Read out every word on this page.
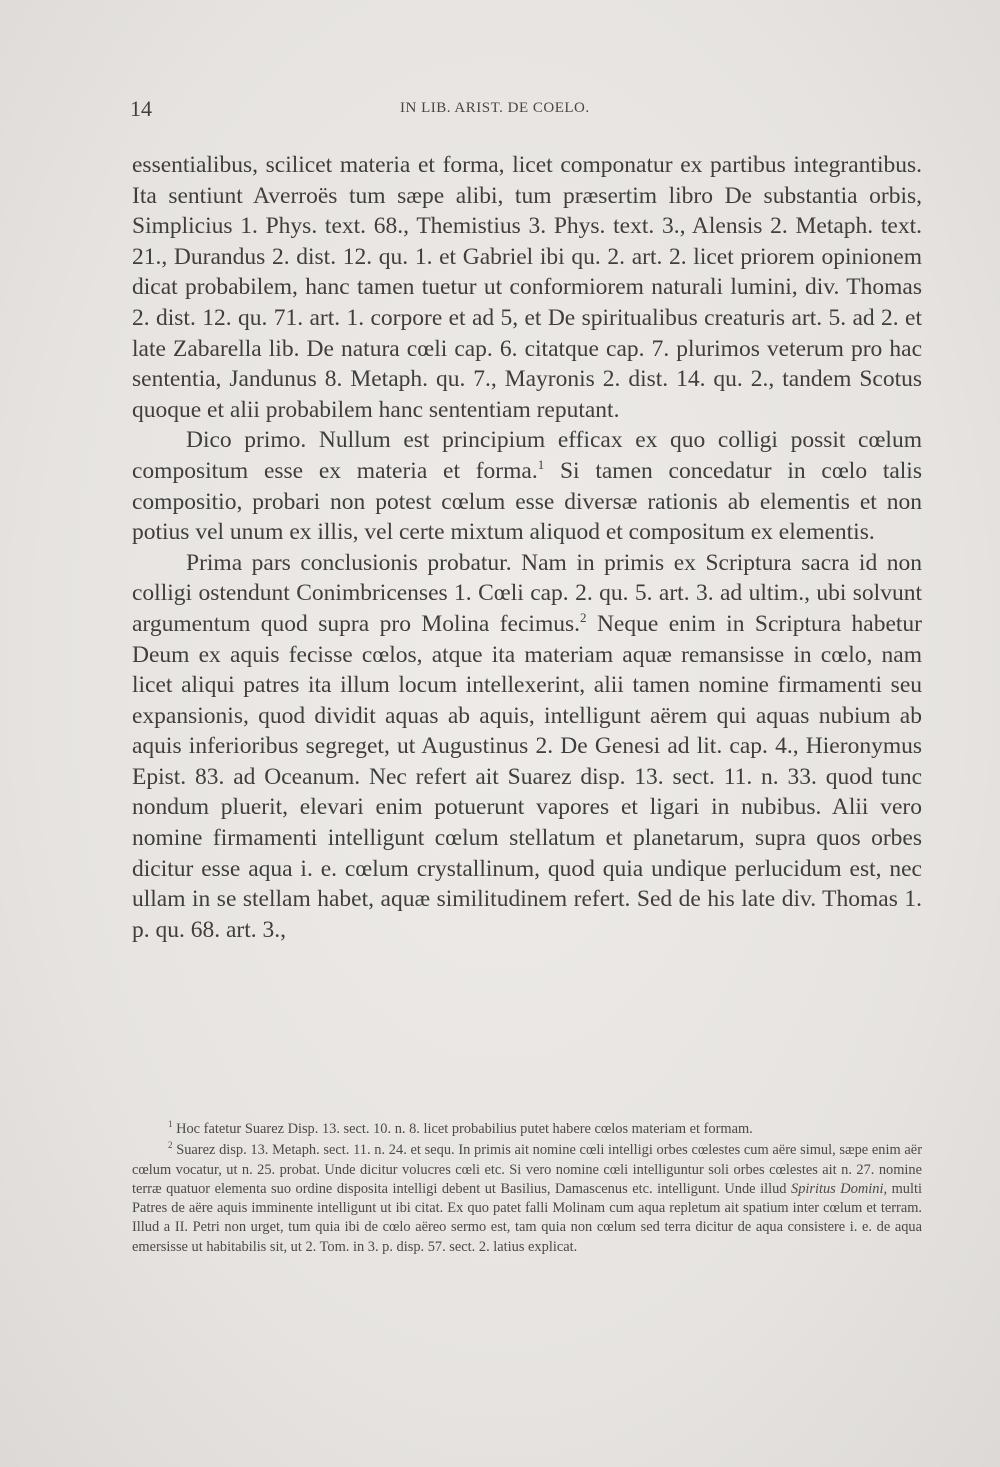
14	IN LIB. ARIST. DE COELO.

essentialibus, scilicet materia et forma, licet componatur ex partibus integrantibus. Ita sentiunt Averroës tum sæpe alibi, tum præsertim libro De substantia orbis, Simplicius 1. Phys. text. 68., Themistius 3. Phys. text. 3., Alensis 2. Metaph. text. 21., Durandus 2. dist. 12. qu. 1. et Gabriel ibi qu. 2. art. 2. licet priorem opinionem dicat probabilem, hanc tamen tuetur ut conformiorem naturali lumini, div. Thomas 2. dist. 12. qu. 71. art. 1. corpore et ad 5, et De spiritualibus creaturis art. 5. ad 2. et late Zabarella lib. De natura cœli cap. 6. citatque cap. 7. plurimos veterum pro hac sententia, Jandunus 8. Metaph. qu. 7., Mayronis 2. dist. 14. qu. 2., tandem Scotus quoque et alii probabilem hanc sententiam reputant.

Dico primo. Nullum est principium efficax ex quo colligi possit cœlum compositum esse ex materia et forma.$^1$ Si tamen concedatur in cœlo talis compositio, probari non potest cœlum esse diversæ rationis ab elementis et non potius vel unum ex illis, vel certe mixtum aliquod et compositum ex elementis.

Prima pars conclusionis probatur. Nam in primis ex Scriptura sacra id non colligi ostendunt Conimbricenses 1. Cœli cap. 2. qu. 5. art. 3. ad ultim., ubi solvunt argumentum quod supra pro Molina fecimus.$^2$ Neque enim in Scriptura habetur Deum ex aquis fecisse cœlos, atque ita materiam aquæ remansisse in cœlo, nam licet aliqui patres ita illum locum intellexerint, alii tamen nomine firmamenti seu expansionis, quod dividit aquas ab aquis, intelligunt aërem qui aquas nubium ab aquis inferioribus segreget, ut Augustinus 2. De Genesi ad lit. cap. 4., Hieronymus Epist. 83. ad Oceanum. Nec refert ait Suarez disp. 13. sect. 11. n. 33. quod tunc nondum pluerit, elevari enim potuerunt vapores et ligari in nubibus. Alii vero nomine firmamenti intelligunt cœlum stellatum et planetarum, supra quos orbes dicitur esse aqua i. e. cœlum crystallinum, quod quia undique perlucidum est, nec ullam in se stellam habet, aquæ similitudinem refert. Sed de his late div. Thomas 1. p. qu. 68. art. 3.,

$^1$ Hoc fatetur Suarez Disp. 13. sect. 10. n. 8. licet probabilius putet habere cœlos materiam et formam.

$^2$ Suarez disp. 13. Metaph. sect. 11. n. 24. et sequ. In primis ait nomine cœli intelligi orbes cœlestes cum aëre simul, sæpe enim aër cœlum vocatur, ut n. 25. probat. Unde dicitur volucres cœli etc. Si vero nomine cœli intelliguntur soli orbes cœlestes ait n. 27. nomine terræ quatuor elementa suo ordine disposita intelligi debent ut Basilius, Damascenus etc. intelligunt. Unde illud Spiritus Domini, multi Patres de aëre aquis imminente intelligunt ut ibi citat. Ex quo patet falli Molinam cum aqua repletum ait spatium inter cœlum et terram. Illud a II. Petri non urget, tum quia ibi de cœlo aëreo sermo est, tam quia non cœlum sed terra dicitur de aqua consistere i. e. de aqua emersisse ut habitabilis sit, ut 2. Tom. in 3. p. disp. 57. sect. 2. latius explicat.
